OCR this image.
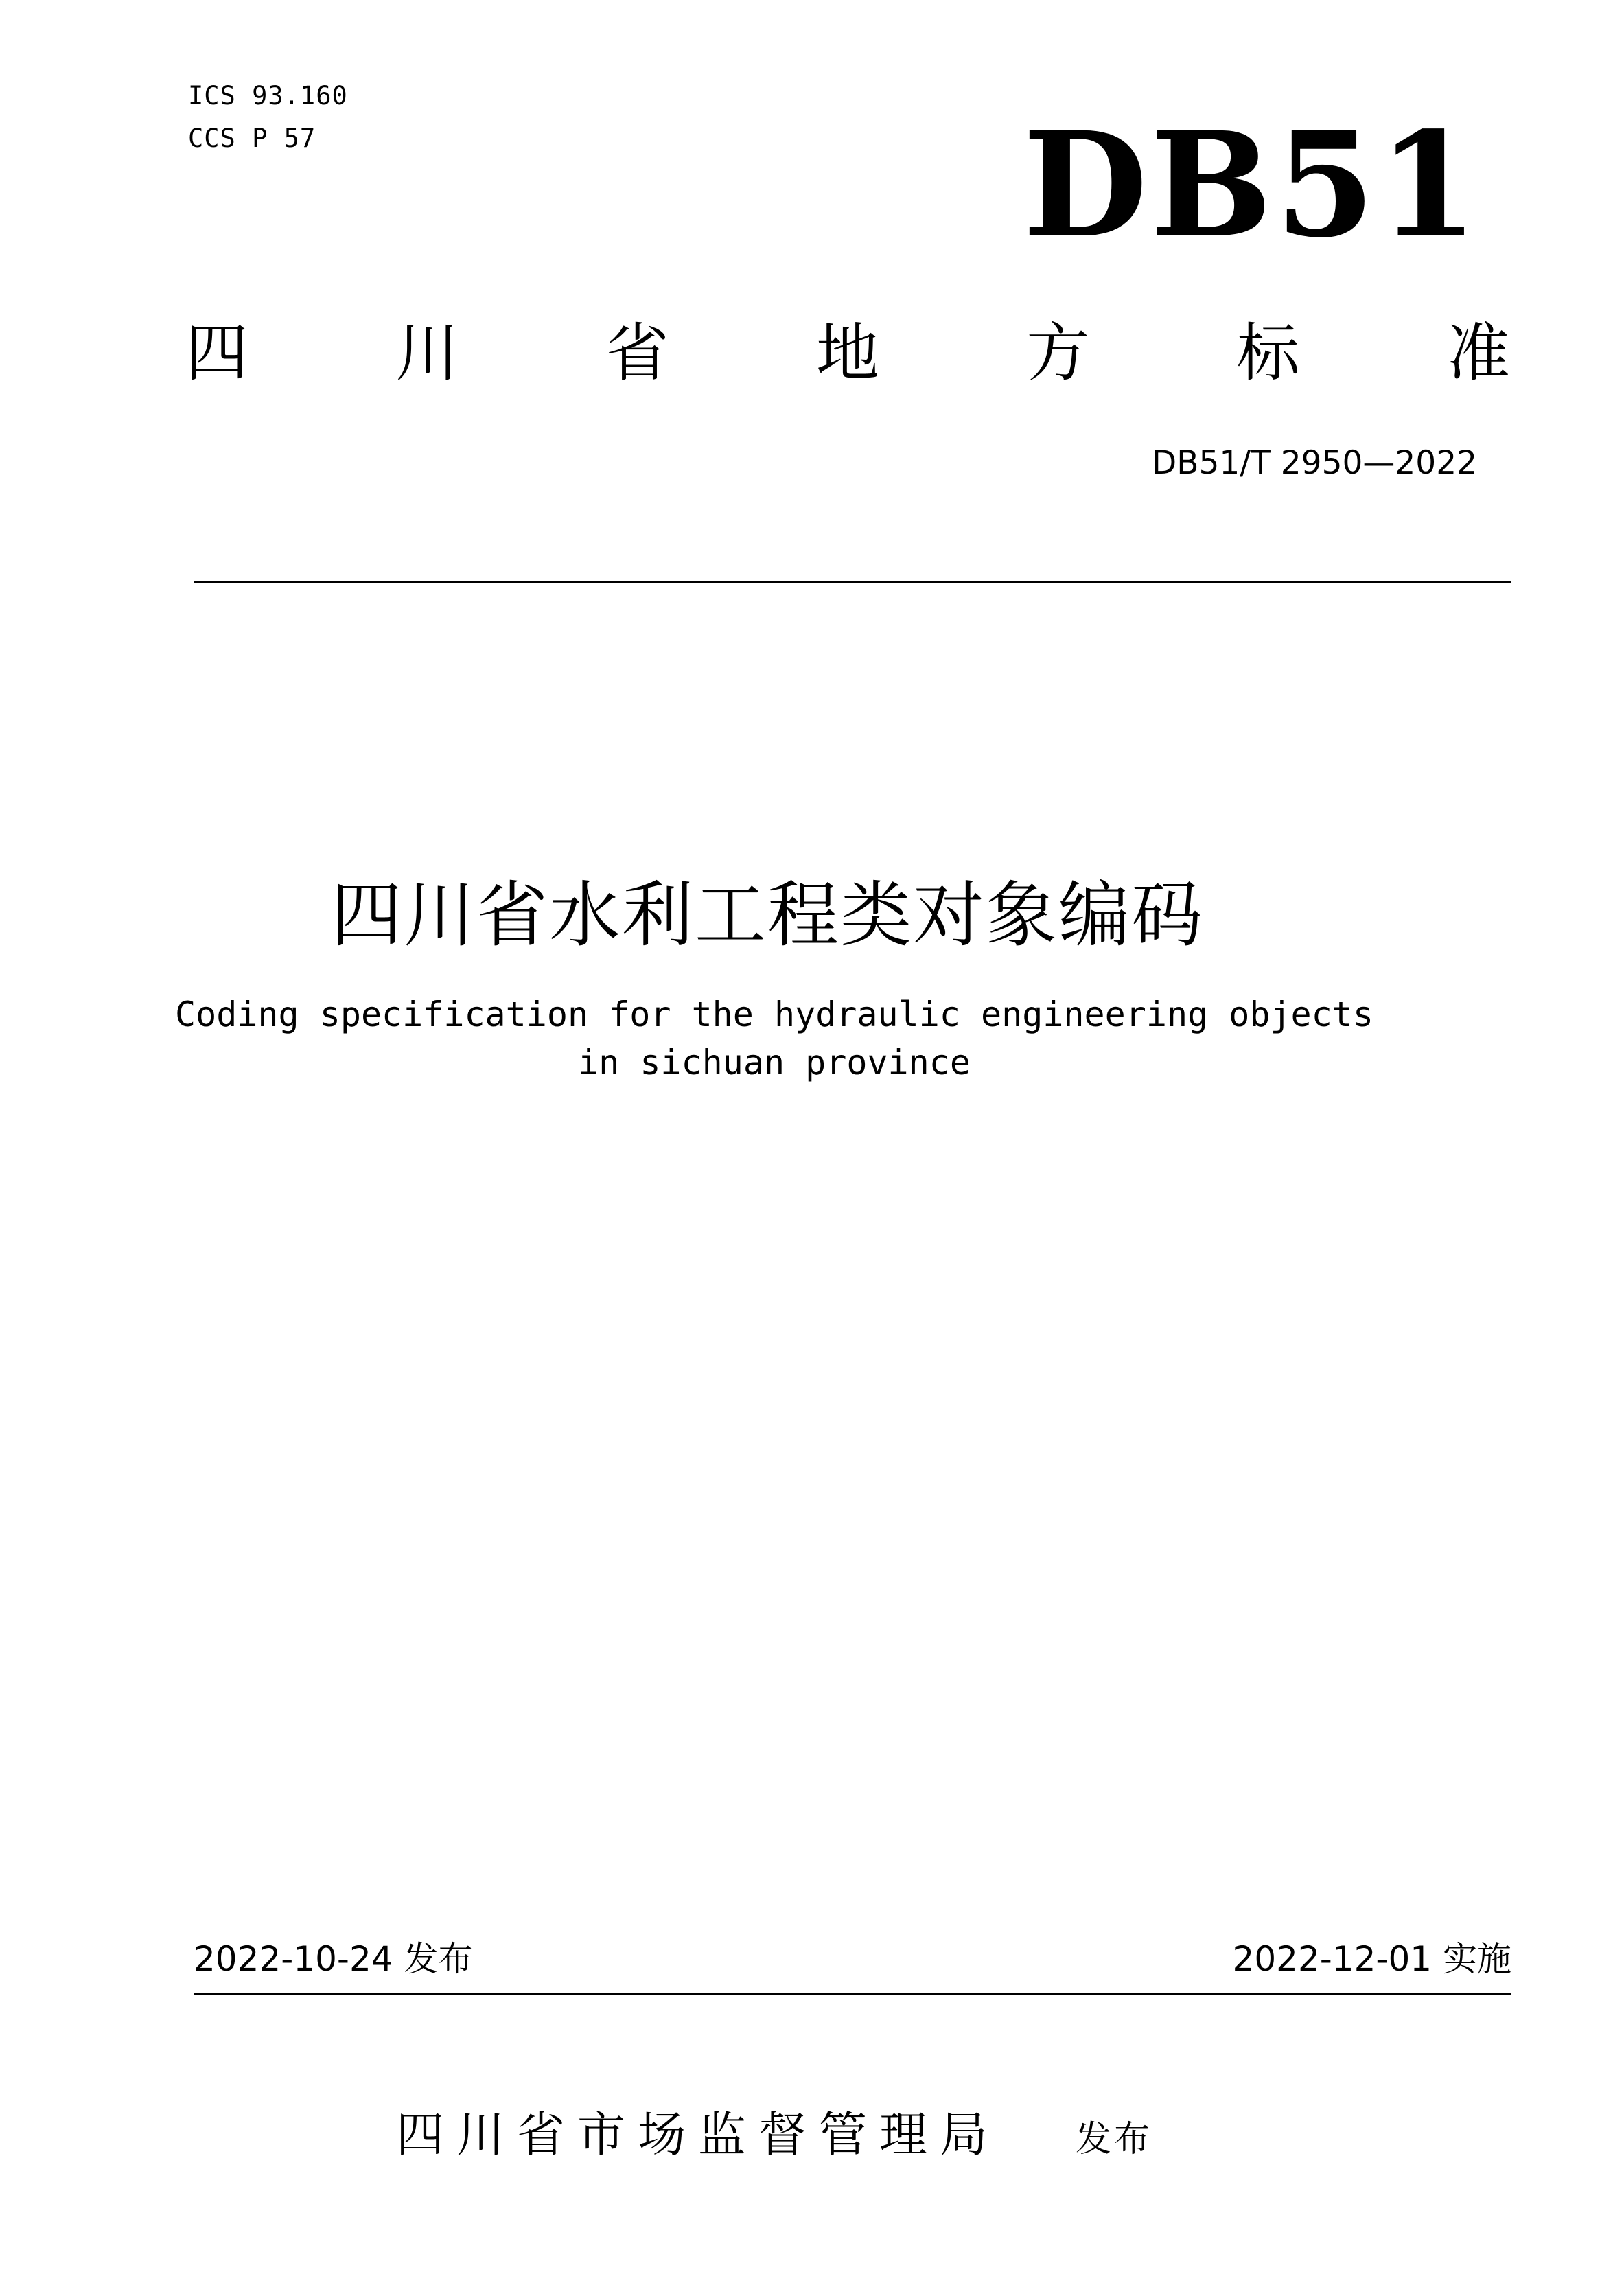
ICS 93.160
CCS P 57	DB51
四 川 省 地 方 标 准
DB51/T 2950—2022
四川省水利工程类对象编码
Coding specification for the hydraulic engineering objects
in sichuan province
2022-10-24 发布	2022-12-01 实施
四川省市场监督管理局 发布
